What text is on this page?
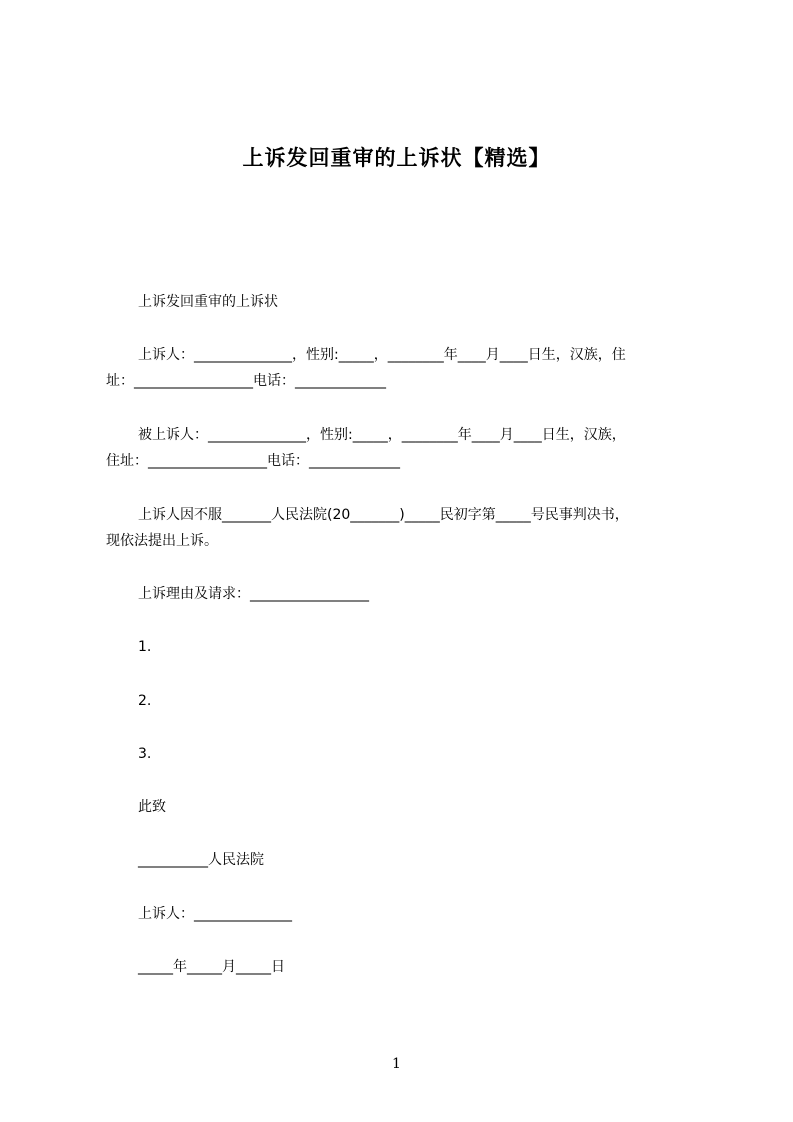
上诉发回重审的上诉状【精选】
上诉发回重审的上诉状
上诉人：______________，性别:_____，________年____月____日生，汉族，住
址：_________________电话：_____________
被上诉人：______________，性别:_____，________年____月____日生，汉族，
住址：_________________电话：_____________
上诉人因不服_______人民法院(20_______)_____民初字第_____号民事判决书，
现依法提出上诉。
上诉理由及请求：_________________
1.
2.
3.
此致
__________人民法院
上诉人：______________
_____年_____月_____日
1
